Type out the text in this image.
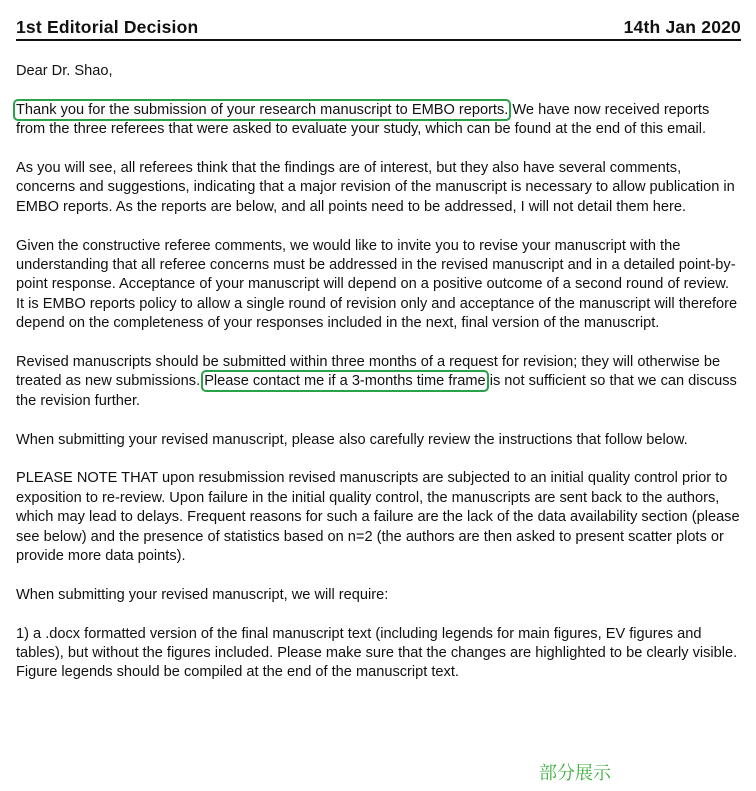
1st Editorial Decision	14th Jan 2020

Dear Dr. Shao,

Thank you for the submission of your research manuscript to EMBO reports. We have now received reports from the three referees that were asked to evaluate your study, which can be found at the end of this email.

As you will see, all referees think that the findings are of interest, but they also have several comments, concerns and suggestions, indicating that a major revision of the manuscript is necessary to allow publication in EMBO reports. As the reports are below, and all points need to be addressed, I will not detail them here.

Given the constructive referee comments, we would like to invite you to revise your manuscript with the understanding that all referee concerns must be addressed in the revised manuscript and in a detailed point-by-point response. Acceptance of your manuscript will depend on a positive outcome of a second round of review. It is EMBO reports policy to allow a single round of revision only and acceptance of the manuscript will therefore depend on the completeness of your responses included in the next, final version of the manuscript.

Revised manuscripts should be submitted within three months of a request for revision; they will otherwise be treated as new submissions. Please contact me if a 3-months time frame is not sufficient so that we can discuss the revision further.

When submitting your revised manuscript, please also carefully review the instructions that follow below.

PLEASE NOTE THAT upon resubmission revised manuscripts are subjected to an initial quality control prior to exposition to re-review. Upon failure in the initial quality control, the manuscripts are sent back to the authors, which may lead to delays. Frequent reasons for such a failure are the lack of the data availability section (please see below) and the presence of statistics based on n=2 (the authors are then asked to present scatter plots or provide more data points).

When submitting your revised manuscript, we will require:

1) a .docx formatted version of the final manuscript text (including legends for main figures, EV figures and tables), but without the figures included. Please make sure that the changes are highlighted to be clearly visible. Figure legends should be compiled at the end of the manuscript text.

部分展示
